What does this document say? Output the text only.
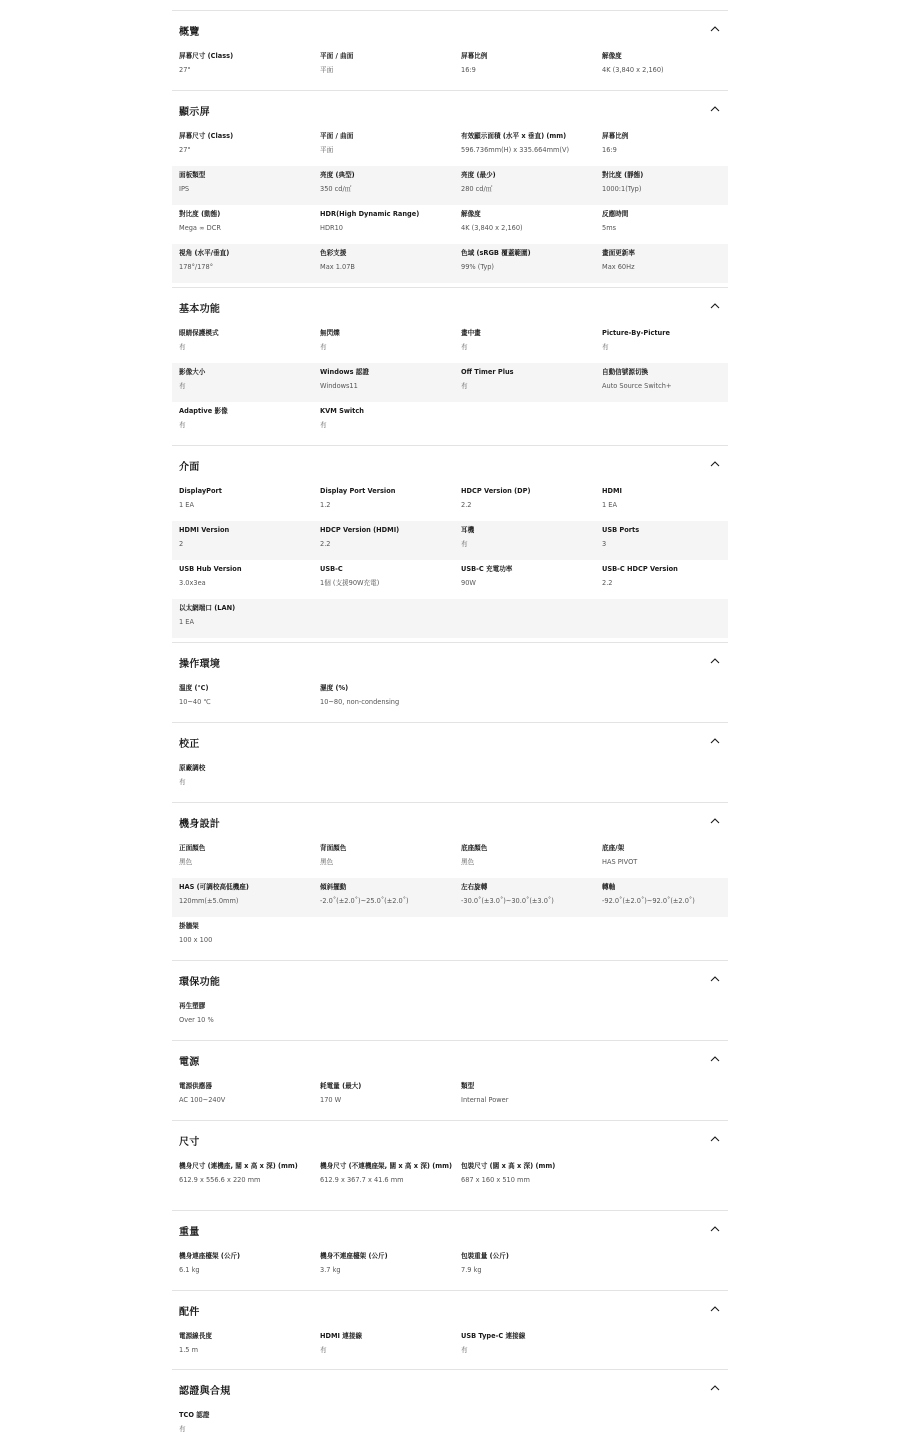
概覽
屏幕尺寸 (Class)
27"
平面 / 曲面
平面
屏幕比例
16:9
解像度
4K (3,840 x 2,160)
顯示屏
屏幕尺寸 (Class)
27"
平面 / 曲面
平面
有效顯示面積 (水平 x 垂直) (mm)
596.736mm(H) x 335.664mm(V)
屏幕比例
16:9
面板類型
IPS
亮度 (典型)
350 cd/㎡
亮度 (最少)
280 cd/㎡
對比度 (靜態)
1000:1(Typ)
對比度 (動態)
Mega ∞ DCR
HDR(High Dynamic Range)
HDR10
解像度
4K (3,840 x 2,160)
反應時間
5ms
視角 (水平/垂直)
178°/178°
色彩支援
Max 1.07B
色域 (sRGB 覆蓋範圍)
99% (Typ)
畫面更新率
Max 60Hz
基本功能
眼睛保護模式
有
無閃爍
有
畫中畫
有
Picture-By-Picture
有
影像大小
有
Windows 認證
Windows11
Off Timer Plus
有
自動信號源切換
Auto Source Switch+
Adaptive 影像
有
KVM Switch
有
介面
DisplayPort
1 EA
Display Port Version
1.2
HDCP Version (DP)
2.2
HDMI
1 EA
HDMI Version
2
HDCP Version (HDMI)
2.2
耳機
有
USB Ports
3
USB Hub Version
3.0x3ea
USB-C
1個 (支援90W充電)
USB-C 充電功率
90W
USB-C HDCP Version
2.2
以太網端口 (LAN)
1 EA
操作環境
溫度 (℃)
10~40 ℃
濕度 (%)
10~80, non-condensing
校正
原廠調校
有
機身設計
正面顏色
黑色
背面顏色
黑色
底座顏色
黑色
底座/架
HAS PIVOT
HAS (可調校高低機座)
120mm(±5.0mm)
傾斜擺動
-2.0˚(±2.0˚)~25.0˚(±2.0˚)
左右旋轉
-30.0˚(±3.0˚)~30.0˚(±3.0˚)
轉軸
-92.0˚(±2.0˚)~92.0˚(±2.0˚)
掛牆架
100 x 100
環保功能
再生塑膠
Over 10 %
電源
電源供應器
AC 100~240V
耗電量 (最大)
170 W
類型
Internal Power
尺寸
機身尺寸 (連機座, 闊 x 高 x 深) (mm)
612.9 x 556.6 x 220 mm
機身尺寸 (不連機座架, 闊 x 高 x 深) (mm)
612.9 x 367.7 x 41.6 mm
包裝尺寸 (闊 x 高 x 深) (mm)
687 x 160 x 510 mm
重量
機身連座檯架 (公斤)
6.1 kg
機身不連座檯架 (公斤)
3.7 kg
包裝重量 (公斤)
7.9 kg
配件
電源線長度
1.5 m
HDMI 連接線
有
USB Type-C 連接線
有
認證與合規
TCO 認證
有
